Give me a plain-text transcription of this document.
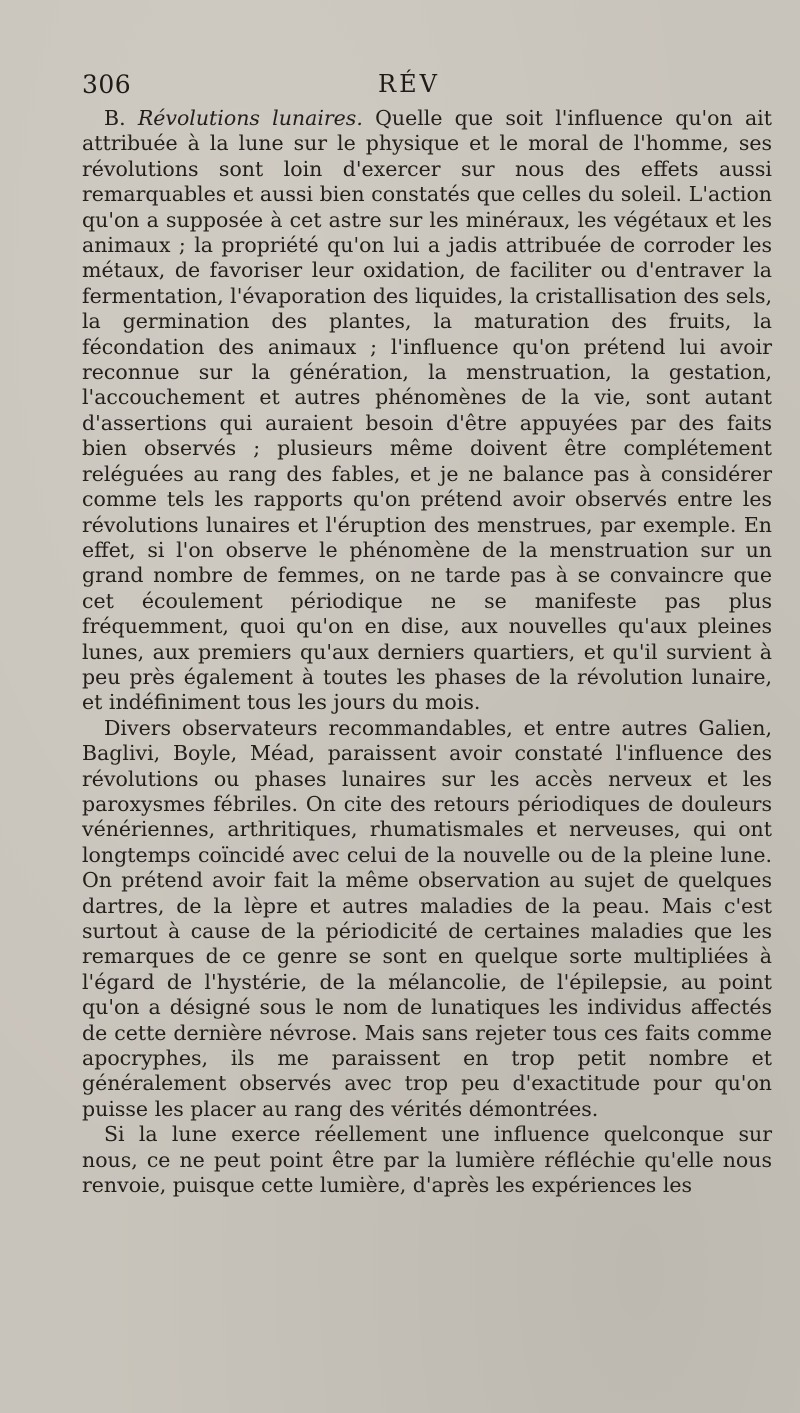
306	RÉV

B. Révolutions lunaires. Quelle que soit l'influence qu'on ait attribuée à la lune sur le physique et le moral de l'homme, ses révolutions sont loin d'exercer sur nous des effets aussi remarquables et aussi bien constatés que celles du soleil. L'action qu'on a supposée à cet astre sur les minéraux, les végétaux et les animaux ; la propriété qu'on lui a jadis attribuée de corroder les métaux, de favoriser leur oxidation, de faciliter ou d'entraver la fermentation, l'évaporation des liquides, la cristallisation des sels, la germination des plantes, la maturation des fruits, la fécondation des animaux ; l'influence qu'on prétend lui avoir reconnue sur la génération, la menstruation, la gestation, l'accouchement et autres phénomènes de la vie, sont autant d'assertions qui auraient besoin d'être appuyées par des faits bien observés ; plusieurs même doivent être complétement reléguées au rang des fables, et je ne balance pas à considérer comme tels les rapports qu'on prétend avoir observés entre les révolutions lunaires et l'éruption des menstrues, par exemple. En effet, si l'on observe le phénomène de la menstruation sur un grand nombre de femmes, on ne tarde pas à se convaincre que cet écoulement périodique ne se manifeste pas plus fréquemment, quoi qu'on en dise, aux nouvelles qu'aux pleines lunes, aux premiers qu'aux derniers quartiers, et qu'il survient à peu près également à toutes les phases de la révolution lunaire, et indéfiniment tous les jours du mois.

Divers observateurs recommandables, et entre autres Galien, Baglivi, Boyle, Méad, paraissent avoir constaté l'influence des révolutions ou phases lunaires sur les accès nerveux et les paroxysmes fébriles. On cite des retours périodiques de douleurs vénériennes, arthritiques, rhumatismales et nerveuses, qui ont longtemps coïncidé avec celui de la nouvelle ou de la pleine lune. On prétend avoir fait la même observation au sujet de quelques dartres, de la lèpre et autres maladies de la peau. Mais c'est surtout à cause de la périodicité de certaines maladies que les remarques de ce genre se sont en quelque sorte multipliées à l'égard de l'hystérie, de la mélancolie, de l'épilepsie, au point qu'on a désigné sous le nom de lunatiques les individus affectés de cette dernière névrose. Mais sans rejeter tous ces faits comme apocryphes, ils me paraissent en trop petit nombre et généralement observés avec trop peu d'exactitude pour qu'on puisse les placer au rang des vérités démontrées.

Si la lune exerce réellement une influence quelconque sur nous, ce ne peut point être par la lumière réfléchie qu'elle nous renvoie, puisque cette lumière, d'après les expériences les
